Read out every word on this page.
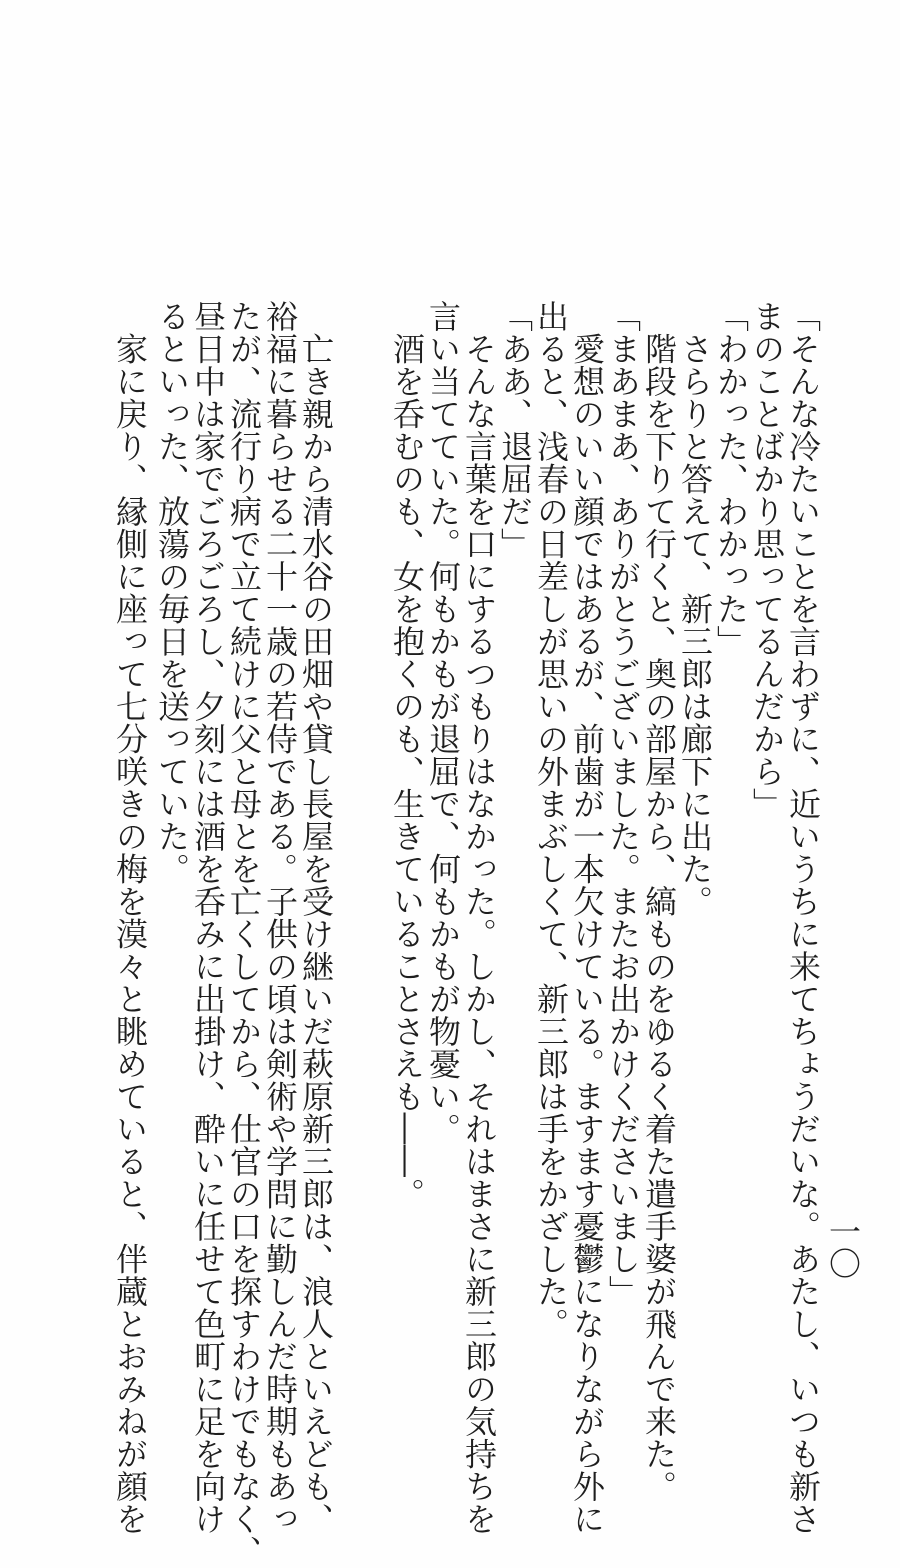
「そんな冷たいことを言わずに、近いうちに来てちょうだいな。あたし、いつも新さ
まのことばかり思ってるんだから」
「わかった、わかった」
　さらりと答えて、新三郎は廊下に出た。
　階段を下りて行くと、奥の部屋から、縞ものをゆるく着た遣手婆が飛んで来た。
「まあまあ、ありがとうございました。またお出かけくださいまし」
　愛想のいい顔ではあるが、前歯が一本欠けている。ますます憂鬱になりながら外に
出ると、浅春の日差しが思いの外まぶしくて、新三郎は手をかざした。
「ああ、退屈だ」
　そんな言葉を口にするつもりはなかった。しかし、それはまさに新三郎の気持ちを
言い当てていた。何もかもが退屈で、何もかもが物憂い。
　酒を呑むのも、女を抱くのも、生きていることさえも――。
　亡き親から清水谷の田畑や貸し長屋を受け継いだ萩原新三郎は、浪人といえども、
裕福に暮らせる二十一歳の若侍である。子供の頃は剣術や学問に勤しんだ時期もあっ
たが、流行り病で立て続けに父と母とを亡くしてから、仕官の口を探すわけでもなく、
昼日中は家でごろごろし、夕刻には酒を呑みに出掛け、酔いに任せて色町に足を向け
るといった、放蕩の毎日を送っていた。
　家に戻り、縁側に座って七分咲きの梅を漠々と眺めていると、伴蔵とおみねが顔を	一〇
